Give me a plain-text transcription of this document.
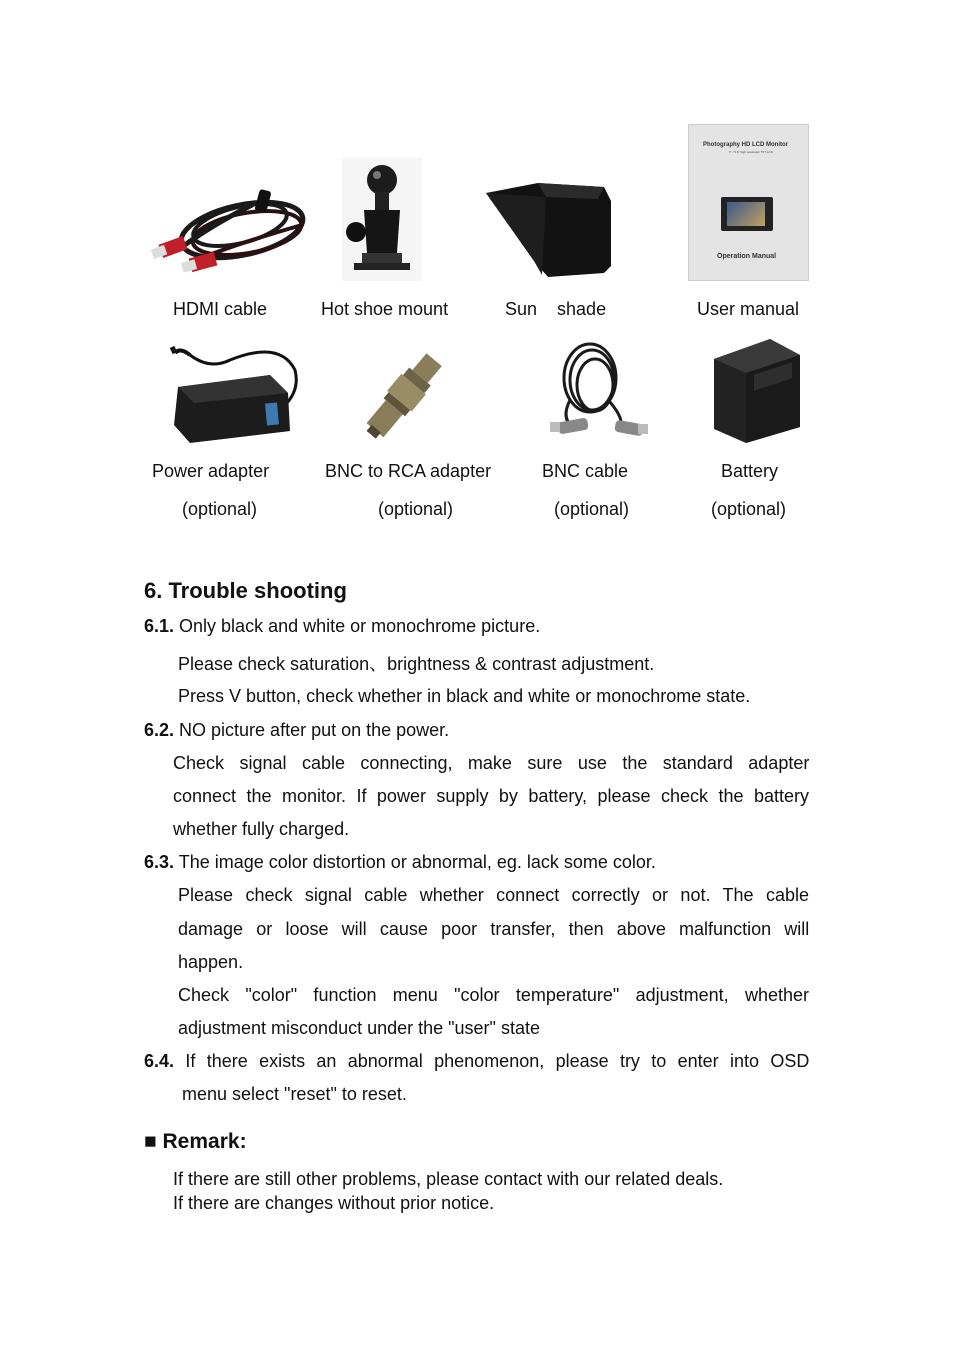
Photography HD LCD Monitor
5" / 5.6" high resolution TFT LCD
Operation Manual
HDMI cable	Hot shoe mount	Sun    shade	User manual
Power adapter	BNC to RCA adapter	BNC cable	Battery
(optional)	(optional)	(optional)	(optional)
6. Trouble shooting
6.1. Only black and white or monochrome picture.
Please check saturation、brightness & contrast adjustment.
Press V button, check whether in black and white or monochrome state.
6.2. NO picture after put on the power.
Check signal cable connecting, make sure use the standard adapter
connect the monitor. If power supply by battery, please check the battery
whether fully charged.
6.3. The image color distortion or abnormal, eg. lack some color.
Please check signal cable whether connect correctly or not. The cable
damage or loose will cause poor transfer, then above malfunction will
happen.
Check "color" function menu "color temperature" adjustment, whether
adjustment misconduct under the "user" state
6.4. If there exists an abnormal phenomenon, please try to enter into OSD
menu select "reset" to reset.
■ Remark:
If there are still other problems, please contact with our related deals.
If there are changes without prior notice.
